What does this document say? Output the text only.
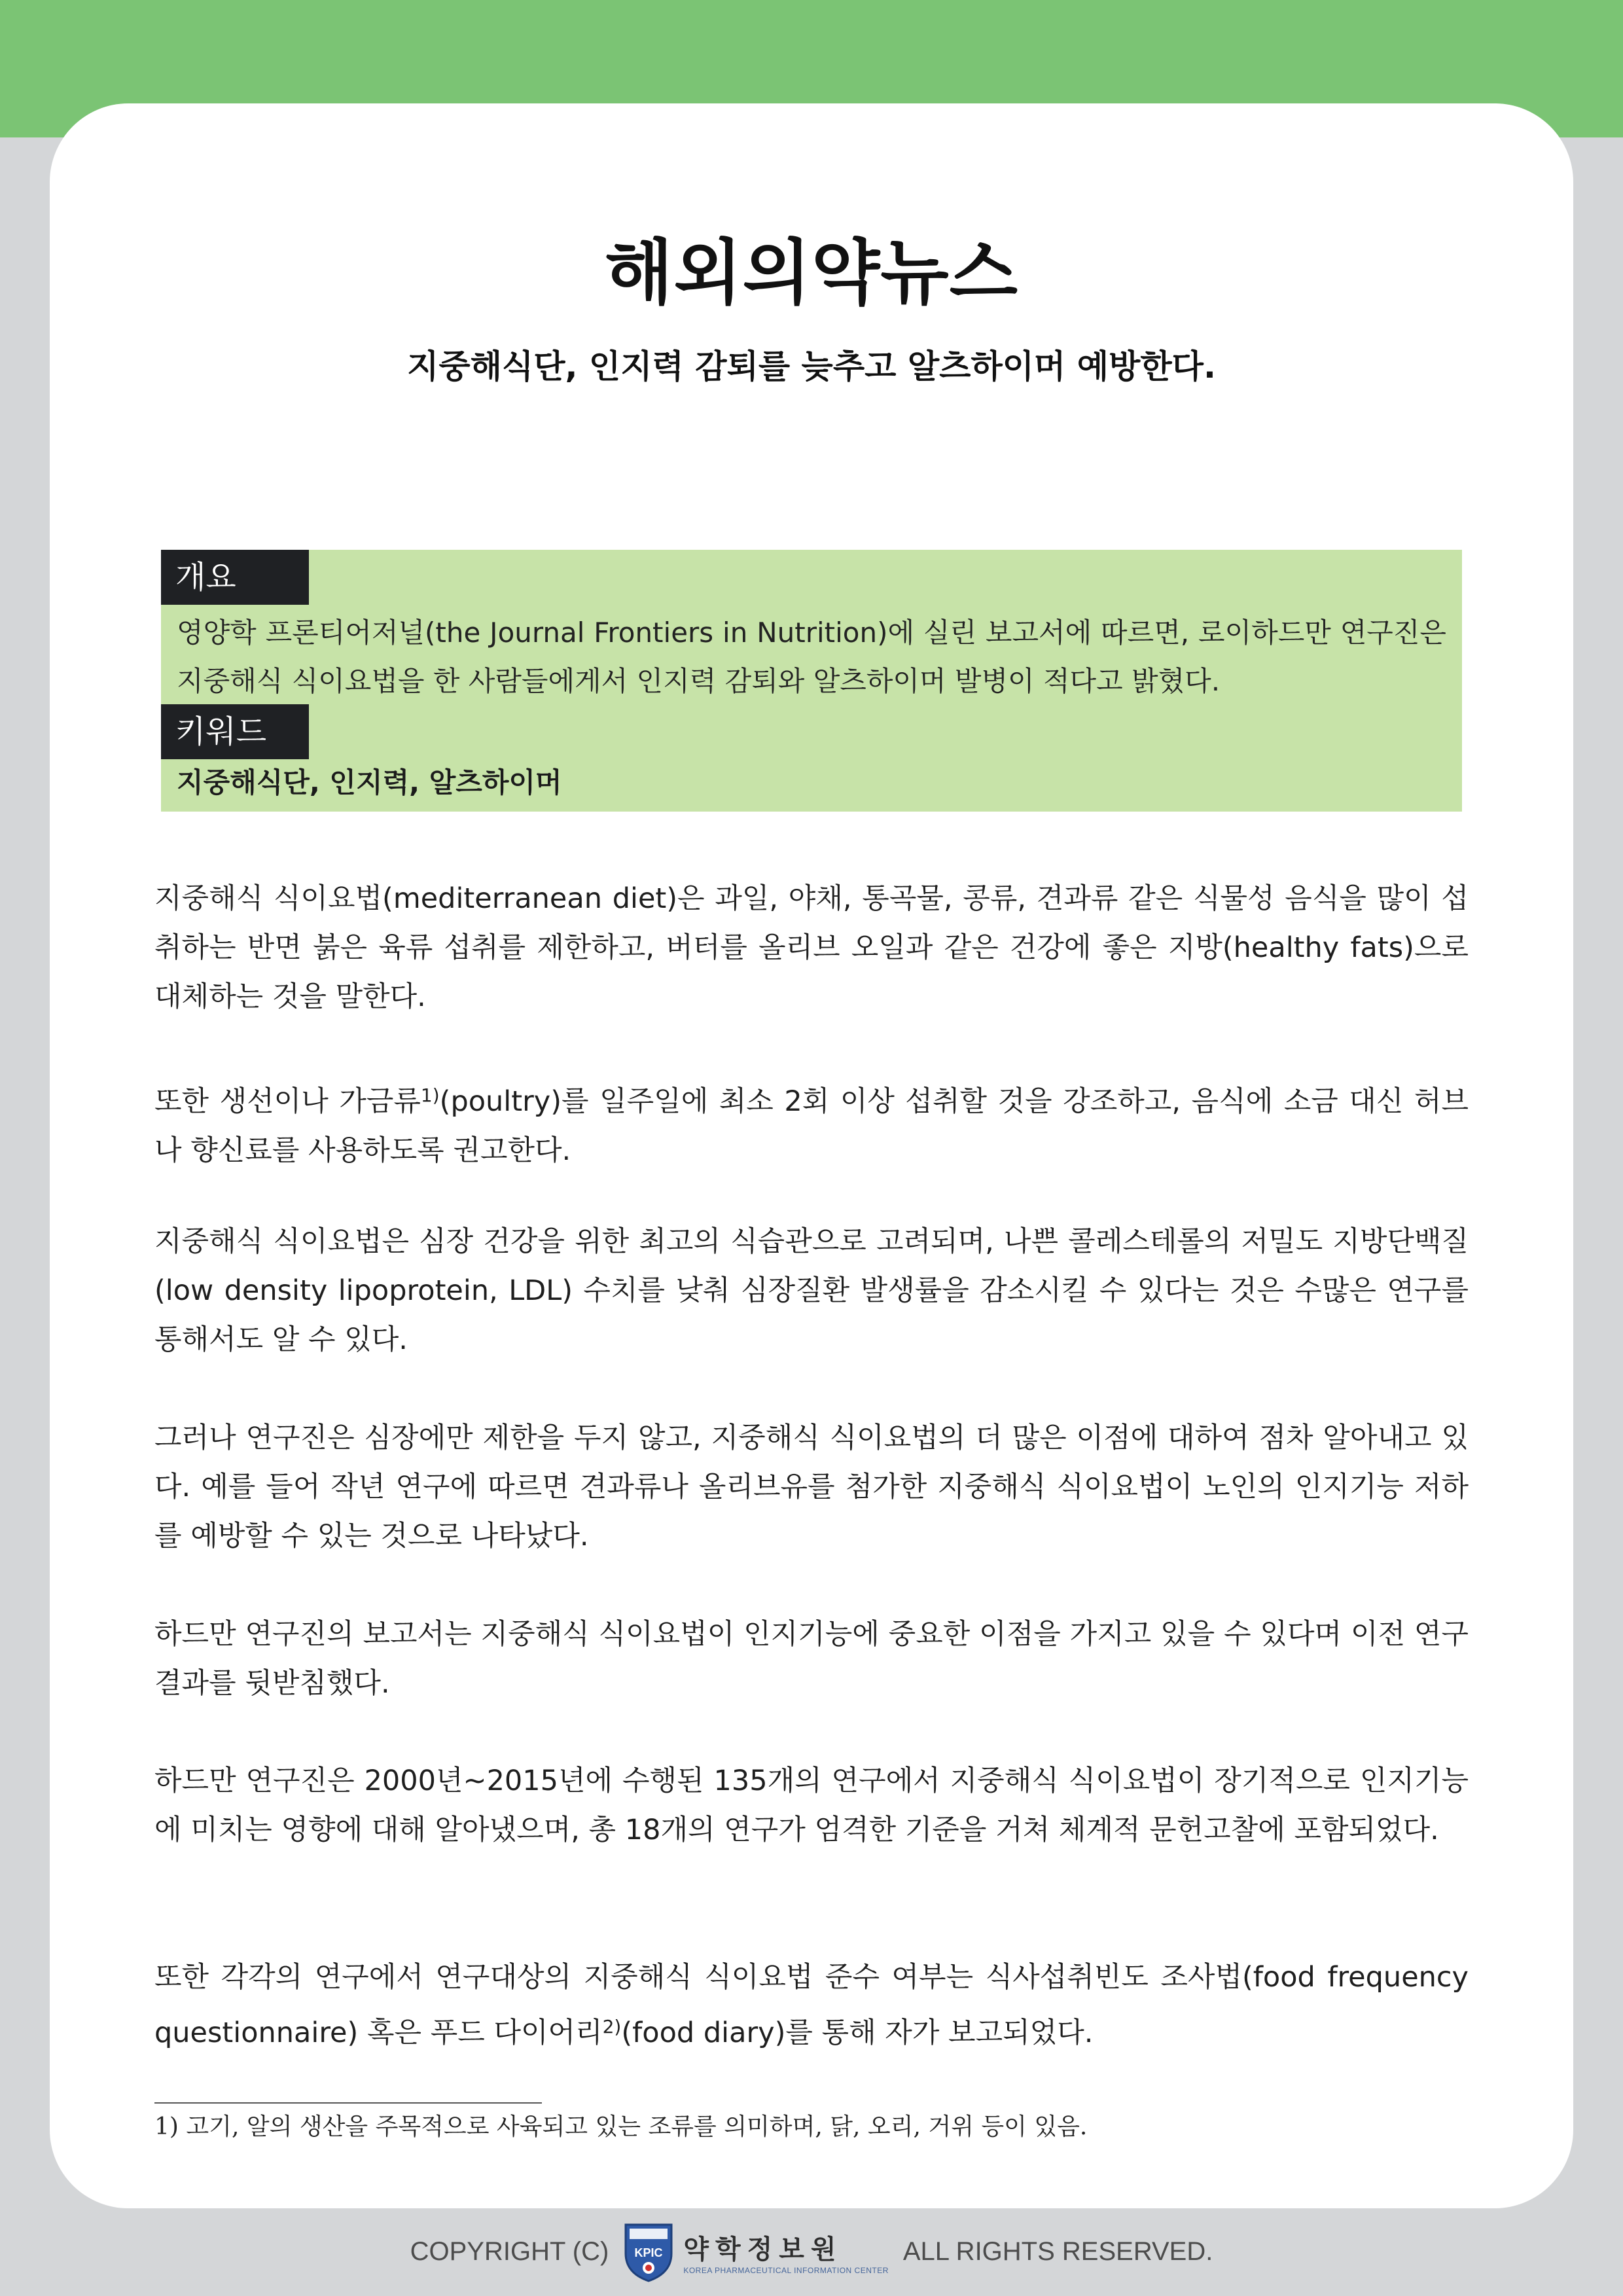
해외의약뉴스
지중해식단, 인지력 감퇴를 늦추고 알츠하이머 예방한다.
개요
영양학 프론티어저널(the Journal Frontiers in Nutrition)에 실린 보고서에 따르면, 로이하드만 연구진은 지중해식 식이요법을 한 사람들에게서 인지력 감퇴와 알츠하이머 발병이 적다고 밝혔다.
키워드
지중해식단, 인지력, 알츠하이머

지중해식 식이요법(mediterranean diet)은 과일, 야채, 통곡물, 콩류, 견과류 같은 식물성 음식을 많이 섭취하는 반면 붉은 육류 섭취를 제한하고, 버터를 올리브 오일과 같은 건강에 좋은 지방(healthy fats)으로 대체하는 것을 말한다.

또한 생선이나 가금류$^{1)}$(poultry)를 일주일에 최소 2회 이상 섭취할 것을 강조하고, 음식에 소금 대신 허브나 향신료를 사용하도록 권고한다.

지중해식 식이요법은 심장 건강을 위한 최고의 식습관으로 고려되며, 나쁜 콜레스테롤의 저밀도 지방단백질(low density lipoprotein, LDL) 수치를 낮춰 심장질환 발생률을 감소시킬 수 있다는 것은 수많은 연구를 통해서도 알 수 있다.

그러나 연구진은 심장에만 제한을 두지 않고, 지중해식 식이요법의 더 많은 이점에 대하여 점차 알아내고 있다. 예를 들어 작년 연구에 따르면 견과류나 올리브유를 첨가한 지중해식 식이요법이 노인의 인지기능 저하를 예방할 수 있는 것으로 나타났다.

하드만 연구진의 보고서는 지중해식 식이요법이 인지기능에 중요한 이점을 가지고 있을 수 있다며 이전 연구결과를 뒷받침했다.

하드만 연구진은 2000년~2015년에 수행된 135개의 연구에서 지중해식 식이요법이 장기적으로 인지기능에 미치는 영향에 대해 알아냈으며, 총 18개의 연구가 엄격한 기준을 거쳐 체계적 문헌고찰에 포함되었다.

또한 각각의 연구에서 연구대상의 지중해식 식이요법 준수 여부는 식사섭취빈도 조사법(food frequency questionnaire) 혹은 푸드 다이어리$^{2)}$(food diary)를 통해 자가 보고되었다.

1) 고기, 알의 생산을 주목적으로 사육되고 있는 조류를 의미하며, 닭, 오리, 거위 등이 있음.
COPYRIGHT (C) KPIC 약학정보원
KOREA PHARMACEUTICAL INFORMATION CENTER
ALL RIGHTS RESERVED.
